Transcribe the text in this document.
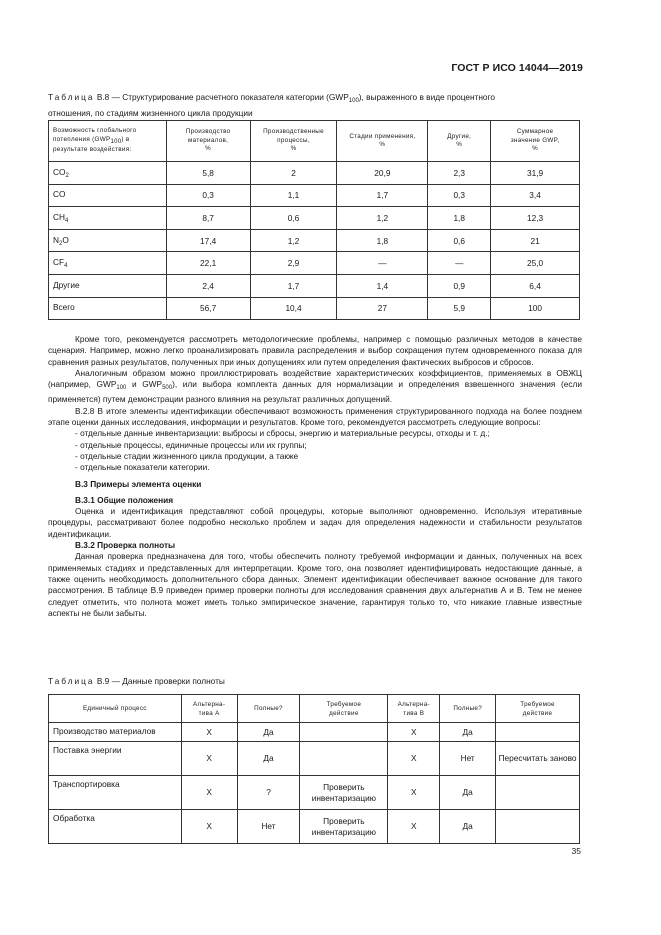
ГОСТ Р ИСО 14044—2019
Таблица В.8 — Структурирование расчетного показателя категории $(GWP_{100})$, выраженного в виде процентного
отношения, по стадиям жизненного цикла продукции
Возможность глобального
потепления (GWP100) в
результате воздействия:	Производство
материалов,
%	Производственные
процессы,
%	Стадии применения,
%	Другие,
%	Суммарное
значение GWP,
%
$CO_2$	5,8	2	20,9	2,3	31,9
CO	0,3	1,1	1,7	0,3	3,4
$CH_4$	8,7	0,6	1,2	1,8	12,3
$N_2O$	17,4	1,2	1,8	0,6	21
$CF_4$	22,1	2,9	—	—	25,0
Другие	2,4	1,7	1,4	0,9	6,4
Всего	56,7	10,4	27	5,9	100

Кроме того, рекомендуется рассмотреть методологические проблемы, например с помощью различных методов в качестве сценария. Например, можно легко проанализировать правила распределения и выбор сокращения путем одновременного показа для сравнения разных результатов, полученных при иных допущениях или путем определения фактических выбросов и сбросов.

Аналогичным образом можно проиллюстрировать воздействие характеристических коэффициентов, применяемых в ОВЖЦ (например, $GWP_{100}$ и $GWP_{500}$), или выбора комплекта данных для нормализации и определения взвешенного значения (если применяется) путем демонстрации разного влияния на результат различных допущений.

В.2.8 В итоге элементы идентификации обеспечивают возможность применения структурированного подхода на более позднем этапе оценки данных исследования, информации и результатов. Кроме того, рекомендуется рассмотреть следующие вопросы:

- отдельные данные инвентаризации: выбросы и сбросы, энергию и материальные ресурсы, отходы и т. д.;

- отдельные процессы, единичные процессы или их группы;

- отдельные стадии жизненного цикла продукции, а также

- отдельные показатели категории.

В.3 Примеры элемента оценки

В.3.1 Общие положения

Оценка и идентификация представляют собой процедуры, которые выполняют одновременно. Используя итеративные процедуры, рассматривают более подробно несколько проблем и задач для определения надежности и стабильности результатов идентификации.

В.3.2 Проверка полноты

Данная проверка предназначена для того, чтобы обеспечить полноту требуемой информации и данных, полученных на всех применяемых стадиях и представленных для интерпретации. Кроме того, она позволяет идентифицировать недостающие данные, а также оценить необходимость дополнительного сбора данных. Элемент идентификации обеспечивает важное основание для такого рассмотрения. В таблице В.9 приведен пример проверки полноты для исследования сравнения двух альтернатив А и В. Тем не менее следует отметить, что полнота может иметь только эмпирическое значение, гарантируя только то, что никакие главные известные аспекты не были забыты.

Таблица В.9 — Данные проверки полноты
Единичный процесс	Альтерна-
тива А	Полные?	Требуемое
действие	Альтерна-
тива В	Полные?	Требуемое
действие
Производство материалов	X	Да		X	Да	
Поставка энергии	X	Да		X	Нет	Пересчитать заново
Транспортировка	X	?	Проверить инвентаризацию	X	Да	
Обработка	X	Нет	Проверить инвентаризацию	X	Да	
35
